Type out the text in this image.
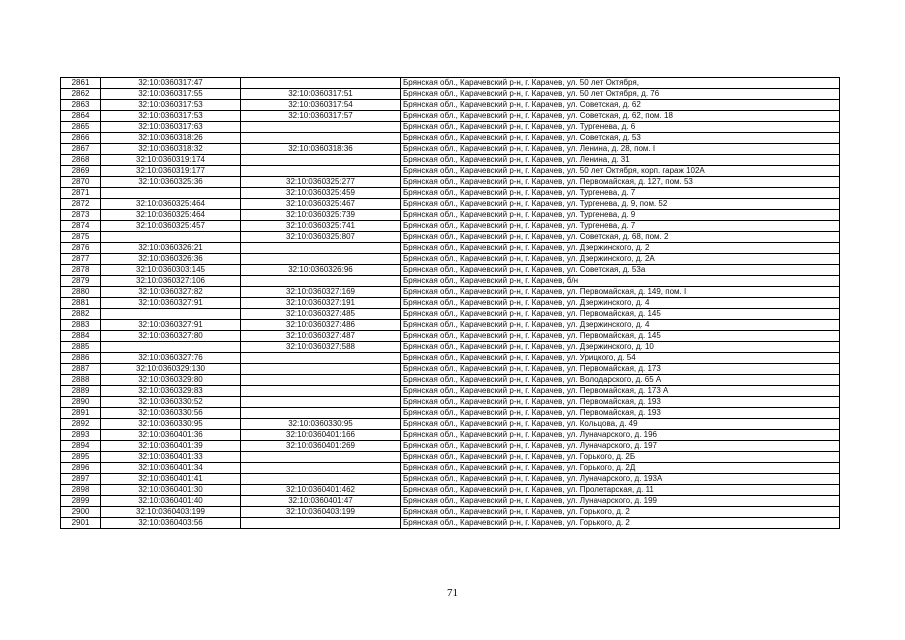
2861	32:10:0360317:47		Брянская обл., Карачевский р-н, г. Карачев, ул. 50 лет Октября,
2862	32:10:0360317:55	32:10:0360317:51	Брянская обл., Карачевский р-н, г. Карачев, ул. 50 лет Октября, д. 76
2863	32:10:0360317:53	32:10:0360317:54	Брянская обл., Карачевский р-н, г. Карачев, ул. Советская, д. 62
2864	32:10:0360317:53	32:10:0360317:57	Брянская обл., Карачевский р-н, г. Карачев, ул. Советская, д. 62, пом. 18
2865	32:10:0360317:63		Брянская обл., Карачевский р-н, г. Карачев, ул. Тургенева, д. 6
2866	32:10:0360318:26		Брянская обл., Карачевский р-н, г. Карачев, ул. Советская, д. 53
2867	32:10:0360318:32	32:10:0360318:36	Брянская обл., Карачевский р-н, г. Карачев, ул. Ленина, д. 28, пом. I
2868	32:10:0360319:174		Брянская обл., Карачевский р-н, г. Карачев, ул. Ленина, д. 31
2869	32:10:0360319:177		Брянская обл., Карачевский р-н, г. Карачев, ул. 50 лет Октября, корп. гараж 102А
2870	32:10:0360325:36	32:10:0360325:277	Брянская обл., Карачевский р-н, г. Карачев, ул. Первомайская, д. 127, пом. 53
2871		32:10:0360325:459	Брянская обл., Карачевский р-н, г. Карачев, ул. Тургенева, д. 7
2872	32:10:0360325:464	32:10:0360325:467	Брянская обл., Карачевский р-н, г. Карачев, ул. Тургенева, д. 9, пом. 52
2873	32:10:0360325:464	32:10:0360325:739	Брянская обл., Карачевский р-н, г. Карачев, ул. Тургенева, д. 9
2874	32:10:0360325:457	32:10:0360325:741	Брянская обл., Карачевский р-н, г. Карачев, ул. Тургенева, д. 7
2875		32:10:0360325:807	Брянская обл., Карачевский р-н, г. Карачев, ул. Советская, д. 68, пом. 2
2876	32:10:0360326:21		Брянская обл., Карачевский р-н, г. Карачев, ул. Дзержинского, д. 2
2877	32:10:0360326:36		Брянская обл., Карачевский р-н, г. Карачев, ул. Дзержинского, д. 2А
2878	32:10:0360303:145	32:10:0360326:96	Брянская обл., Карачевский р-н, г. Карачев, ул. Советская, д. 53а
2879	32:10:0360327:106		Брянская обл., Карачевский р-н, г. Карачев, б/н
2880	32:10:0360327:82	32:10:0360327:169	Брянская обл., Карачевский р-н, г. Карачев, ул. Первомайская, д. 149, пом. I
2881	32:10:0360327:91	32:10:0360327:191	Брянская обл., Карачевский р-н, г. Карачев, ул. Дзержинского, д. 4
2882		32:10:0360327:485	Брянская обл., Карачевский р-н, г. Карачев, ул. Первомайская, д. 145
2883	32:10:0360327:91	32:10:0360327:486	Брянская обл., Карачевский р-н, г. Карачев, ул. Дзержинского, д. 4
2884	32:10:0360327:80	32:10:0360327:487	Брянская обл., Карачевский р-н, г. Карачев, ул. Первомайская, д. 145
2885		32:10:0360327:588	Брянская обл., Карачевский р-н, г. Карачев, ул. Дзержинского, д. 10
2886	32:10:0360327:76		Брянская обл., Карачевский р-н, г. Карачев, ул. Урицкого, д. 54
2887	32:10:0360329:130		Брянская обл., Карачевский р-н, г. Карачев, ул. Первомайская, д. 173
2888	32:10:0360329:80		Брянская обл., Карачевский р-н, г. Карачев, ул. Володарского, д. 65 А
2889	32:10:0360329:83		Брянская обл., Карачевский р-н, г. Карачев, ул. Первомайская, д. 173 А
2890	32:10:0360330:52		Брянская обл., Карачевский р-н, г. Карачев, ул. Первомайская, д. 193
2891	32:10:0360330:56		Брянская обл., Карачевский р-н, г. Карачев, ул. Первомайская, д. 193
2892	32:10:0360330:95	32:10:0360330:95	Брянская обл., Карачевский р-н, г. Карачев, ул. Кольцова, д. 49
2893	32:10:0360401:36	32:10:0360401:166	Брянская обл., Карачевский р-н, г. Карачев, ул. Луначарского, д. 196
2894	32:10:0360401:39	32:10:0360401:269	Брянская обл., Карачевский р-н, г. Карачев, ул. Луначарского, д. 197
2895	32:10:0360401:33		Брянская обл., Карачевский р-н, г. Карачев, ул. Горького, д. 2Б
2896	32:10:0360401:34		Брянская обл., Карачевский р-н, г. Карачев, ул. Горького, д. 2Д
2897	32:10:0360401:41		Брянская обл., Карачевский р-н, г. Карачев, ул. Луначарского, д. 193А
2898	32:10:0360401:30	32:10:0360401:462	Брянская обл., Карачевский р-н, г. Карачев, ул. Пролетарская, д. 11
2899	32:10:0360401:40	32:10:0360401:47	Брянская обл., Карачевский р-н, г. Карачев, ул. Луначарского, д. 199
2900	32:10:0360403:199	32:10:0360403:199	Брянская обл., Карачевский р-н, г. Карачев, ул. Горького, д. 2
2901	32:10:0360403:56		Брянская обл., Карачевский р-н, г. Карачев, ул. Горького, д. 2
71
